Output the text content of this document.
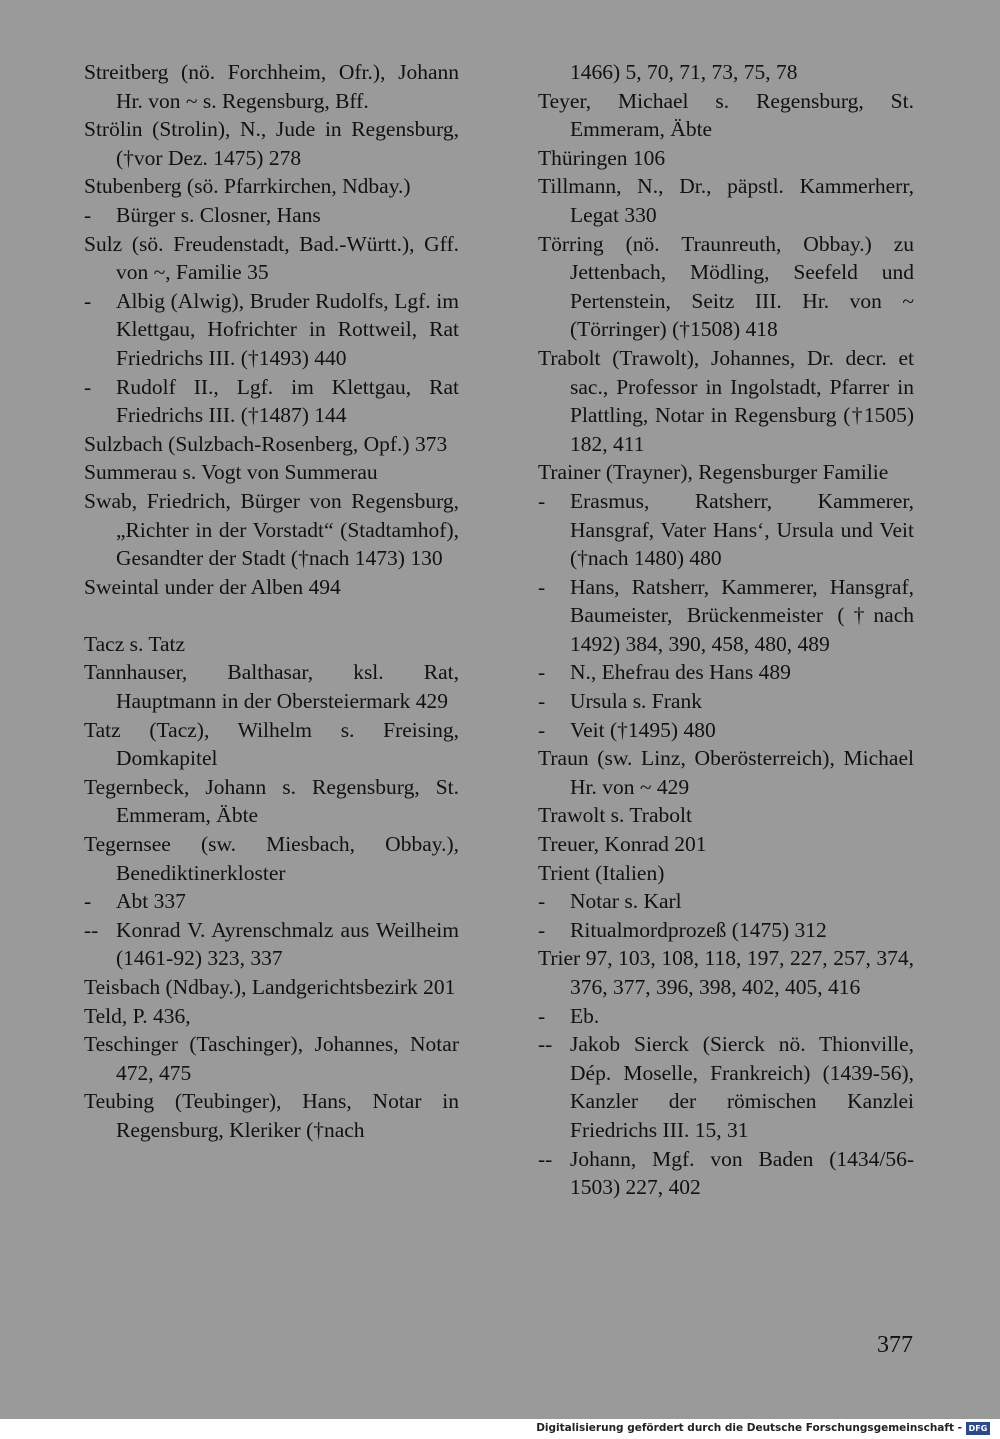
Streitberg (nö. Forchheim, Ofr.), Johann Hr. von ~ s. Regensburg, Bff.
Strölin (Strolin), N., Jude in Regensburg, (†vor Dez. 1475) 278
Stubenberg (sö. Pfarrkirchen, Ndbay.)
-	Bürger s. Closner, Hans
Sulz (sö. Freudenstadt, Bad.-Württ.), Gff. von ~, Familie 35
-	Albig (Alwig), Bruder Rudolfs, Lgf. im Klettgau, Hofrichter in Rottweil, Rat Friedrichs III. (†1493) 440
-	Rudolf II., Lgf. im Klettgau, Rat Friedrichs III. (†1487) 144
Sulzbach (Sulzbach-Rosenberg, Opf.) 373
Summerau s. Vogt von Summerau
Swab, Friedrich, Bürger von Regensburg, „Richter in der Vorstadt“ (Stadtamhof), Gesandter der Stadt (†nach 1473) 130
Sweintal under der Alben 494
Tacz s. Tatz
Tannhauser, Balthasar, ksl. Rat, Hauptmann in der Obersteiermark 429
Tatz (Tacz), Wilhelm s. Freising, Domkapitel
Tegernbeck, Johann s. Regensburg, St. Emmeram, Äbte
Tegernsee (sw. Miesbach, Obbay.), Benediktinerkloster
-	Abt 337
-- Konrad V. Ayrenschmalz aus Weilheim (1461-92) 323, 337
Teisbach (Ndbay.), Landgerichtsbezirk 201
Teld, P. 436,
Teschinger (Taschinger), Johannes, Notar 472, 475
Teubing (Teubinger), Hans, Notar in Regensburg, Kleriker (†nach
1466) 5, 70, 71, 73, 75, 78
Teyer, Michael s. Regensburg, St. Emmeram, Äbte
Thüringen 106
Tillmann, N., Dr., päpstl. Kammerherr, Legat 330
Törring (nö. Traunreuth, Obbay.) zu Jettenbach, Mödling, Seefeld und Pertenstein, Seitz III. Hr. von ~ (Törringer) (†1508) 418
Trabolt (Trawolt), Johannes, Dr. decr. et sac., Professor in Ingolstadt, Pfarrer in Plattling, Notar in Regensburg (†1505) 182, 411
Trainer (Trayner), Regensburger Familie
-	Erasmus, Ratsherr, Kammerer, Hansgraf, Vater Hans‘, Ursula und Veit (†nach 1480) 480
-	Hans, Ratsherr, Kammerer, Hansgraf, Baumeister, Brückenmeister (†nach 1492) 384, 390, 458, 480, 489
-	N., Ehefrau des Hans 489
-	Ursula s. Frank
-	Veit (†1495) 480
Traun (sw. Linz, Oberösterreich), Michael Hr. von ~ 429
Trawolt s. Trabolt
Treuer, Konrad 201
Trient (Italien)
-	Notar s. Karl
-	Ritualmordprozeß (1475) 312
Trier 97, 103, 108, 118, 197, 227, 257, 374, 376, 377, 396, 398, 402, 405, 416
-	Eb.
-- Jakob Sierck (Sierck nö. Thionville, Dép. Moselle, Frankreich) (1439-56), Kanzler der römischen Kanzlei Friedrichs III. 15, 31
-- Johann, Mgf. von Baden (1434/56-1503) 227, 402
377
Digitalisierung gefördert durch die Deutsche Forschungsgemeinschaft - DFG
